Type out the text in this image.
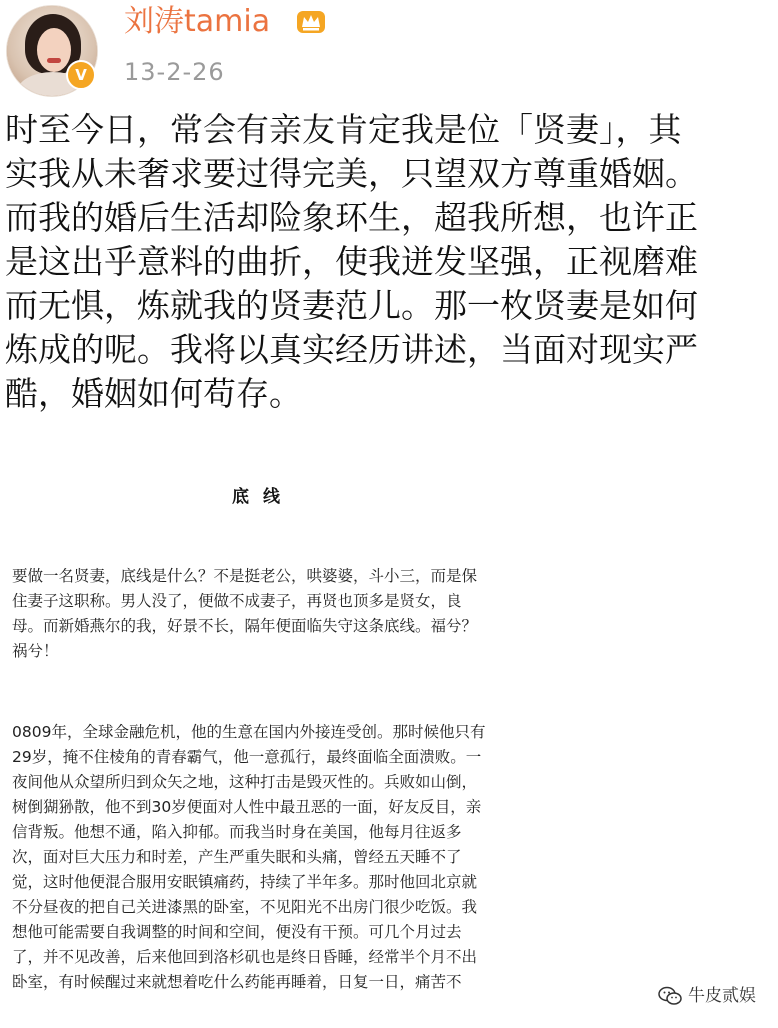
V
刘涛tamia
13-2-26
时至今日，常会有亲友肯定我是位「贤妻」，其
实我从未奢求要过得完美，只望双方尊重婚姻。
而我的婚后生活却险象环生，超我所想，也许正
是这出乎意料的曲折，使我迸发坚强，正视磨难
而无惧，炼就我的贤妻范儿。那一枚贤妻是如何
炼成的呢。我将以真实经历讲述，当面对现实严
酷，婚姻如何苟存。
底线
要做一名贤妻，底线是什么？不是挺老公，哄婆婆，斗小三，而是保
住妻子这职称。男人没了，便做不成妻子，再贤也顶多是贤女，良
母。而新婚燕尔的我，好景不长，隔年便面临失守这条底线。福兮？
祸兮！
0809年，全球金融危机，他的生意在国内外接连受创。那时候他只有
29岁，掩不住棱角的青春霸气，他一意孤行，最终面临全面溃败。一
夜间他从众望所归到众矢之地，这种打击是毁灭性的。兵败如山倒，
树倒猢狲散，他不到30岁便面对人性中最丑恶的一面，好友反目，亲
信背叛。他想不通，陷入抑郁。而我当时身在美国，他每月往返多
次，面对巨大压力和时差，产生严重失眠和头痛，曾经五天睡不了
觉，这时他便混合服用安眠镇痛药，持续了半年多。那时他回北京就
不分昼夜的把自己关进漆黑的卧室，不见阳光不出房门很少吃饭。我
想他可能需要自我调整的时间和空间，便没有干预。可几个月过去
了，并不见改善，后来他回到洛杉矶也是终日昏睡，经常半个月不出
卧室，有时候醒过来就想着吃什么药能再睡着，日复一日，痛苦不
牛皮贰娱
